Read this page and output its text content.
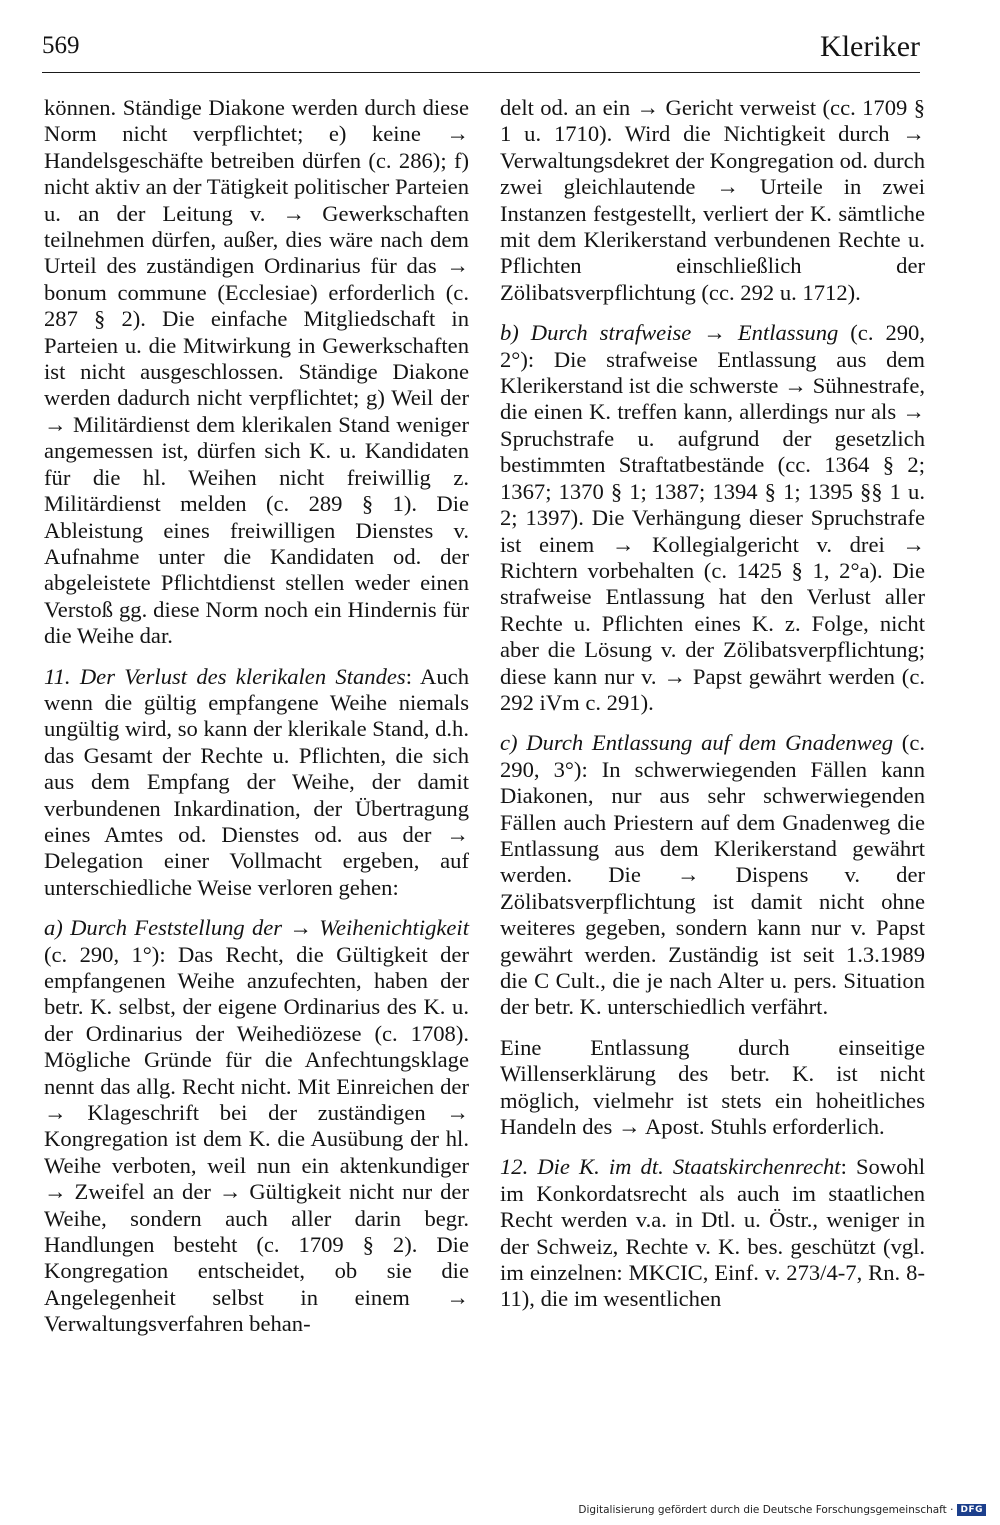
569	Kleriker

können. Ständige Diakone werden durch diese Norm nicht verpflichtet; e) keine → Handelsgeschäfte betreiben dürfen (c. 286); f) nicht aktiv an der Tätigkeit politischer Parteien u. an der Leitung v. → Gewerkschaften teilnehmen dürfen, außer, dies wäre nach dem Urteil des zuständigen Ordinarius für das → bonum commune (Ecclesiae) erforderlich (c. 287 § 2). Die einfache Mitgliedschaft in Parteien u. die Mitwirkung in Gewerkschaften ist nicht ausgeschlossen. Ständige Diakone werden dadurch nicht verpflichtet; g) Weil der → Militärdienst dem klerikalen Stand weniger angemessen ist, dürfen sich K. u. Kandidaten für die hl. Weihen nicht freiwillig z. Militärdienst melden (c. 289 § 1). Die Ableistung eines freiwilligen Dienstes v. Aufnahme unter die Kandidaten od. der abgeleistete Pflichtdienst stellen weder einen Verstoß gg. diese Norm noch ein Hindernis für die Weihe dar.

11. Der Verlust des klerikalen Standes: Auch wenn die gültig empfangene Weihe niemals ungültig wird, so kann der klerikale Stand, d.h. das Gesamt der Rechte u. Pflichten, die sich aus dem Empfang der Weihe, der damit verbundenen Inkardination, der Übertragung eines Amtes od. Dienstes od. aus der → Delegation einer Vollmacht ergeben, auf unterschiedliche Weise verloren gehen:

a) Durch Feststellung der → Weihenichtigkeit (c. 290, 1°): Das Recht, die Gültigkeit der empfangenen Weihe anzufechten, haben der betr. K. selbst, der eigene Ordinarius des K. u. der Ordinarius der Weihediözese (c. 1708). Mögliche Gründe für die Anfechtungsklage nennt das allg. Recht nicht. Mit Einreichen der → Klageschrift bei der zuständigen → Kongregation ist dem K. die Ausübung der hl. Weihe verboten, weil nun ein aktenkundiger → Zweifel an der → Gültigkeit nicht nur der Weihe, sondern auch aller darin begr. Handlungen besteht (c. 1709 § 2). Die Kongregation entscheidet, ob sie die Angelegenheit selbst in einem → Verwaltungsverfahren behan-

delt od. an ein → Gericht verweist (cc. 1709 § 1 u. 1710). Wird die Nichtigkeit durch → Verwaltungsdekret der Kongregation od. durch zwei gleichlautende → Urteile in zwei Instanzen festgestellt, verliert der K. sämtliche mit dem Klerikerstand verbundenen Rechte u. Pflichten einschließlich der Zölibatsverpflichtung (cc. 292 u. 1712).

b) Durch strafweise → Entlassung (c. 290, 2°): Die strafweise Entlassung aus dem Klerikerstand ist die schwerste → Sühnestrafe, die einen K. treffen kann, allerdings nur als → Spruchstrafe u. aufgrund der gesetzlich bestimmten Straftatbestände (cc. 1364 § 2; 1367; 1370 § 1; 1387; 1394 § 1; 1395 §§ 1 u. 2; 1397). Die Verhängung dieser Spruchstrafe ist einem → Kollegialgericht v. drei → Richtern vorbehalten (c. 1425 § 1, 2°a). Die strafweise Entlassung hat den Verlust aller Rechte u. Pflichten eines K. z. Folge, nicht aber die Lösung v. der Zölibatsverpflichtung; diese kann nur v. → Papst gewährt werden (c. 292 iVm c. 291).

c) Durch Entlassung auf dem Gnadenweg (c. 290, 3°): In schwerwiegenden Fällen kann Diakonen, nur aus sehr schwerwiegenden Fällen auch Priestern auf dem Gnadenweg die Entlassung aus dem Klerikerstand gewährt werden. Die → Dispens v. der Zölibatsverpflichtung ist damit nicht ohne weiteres gegeben, sondern kann nur v. Papst gewährt werden. Zuständig ist seit 1.3.1989 die C Cult., die je nach Alter u. pers. Situation der betr. K. unterschiedlich verfährt.

Eine Entlassung durch einseitige Willenserklärung des betr. K. ist nicht möglich, vielmehr ist stets ein hoheitliches Handeln des → Apost. Stuhls erforderlich.

12. Die K. im dt. Staatskirchenrecht: Sowohl im Konkordatsrecht als auch im staatlichen Recht werden v.a. in Dtl. u. Östr., weniger in der Schweiz, Rechte v. K. bes. geschützt (vgl. im einzelnen: MKCIC, Einf. v. 273/4-7, Rn. 8-11), die im wesentlichen

Digitalisierung gefördert durch die Deutsche Forschungsgemeinschaft · DFG
